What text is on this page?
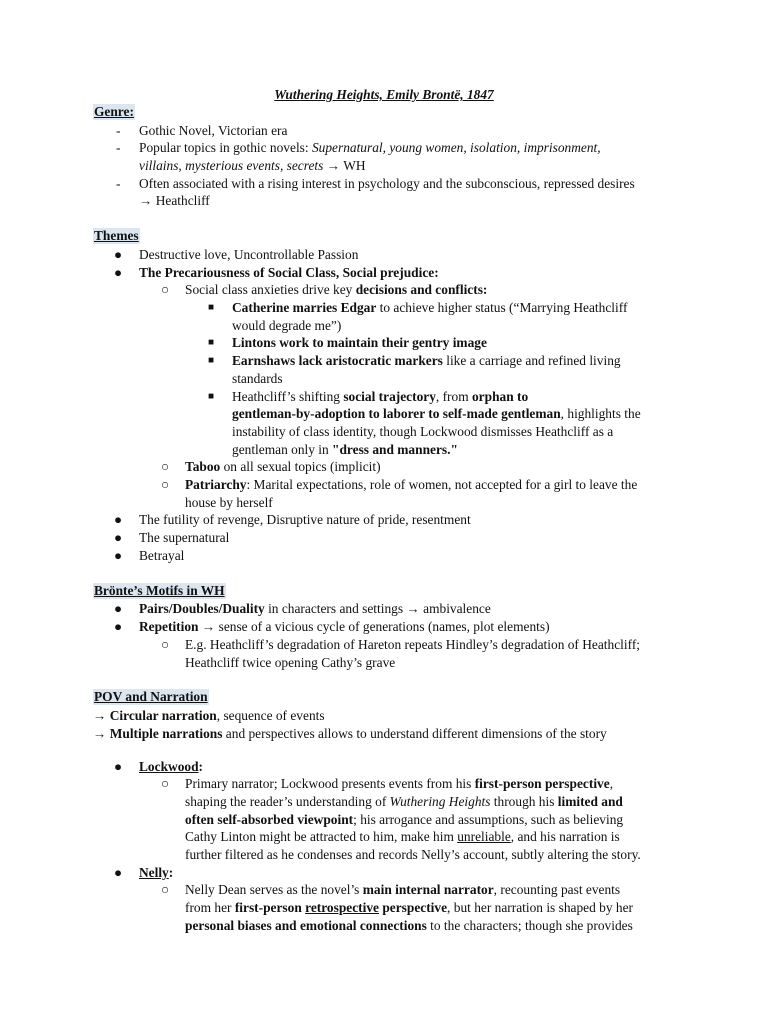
Wuthering Heights, Emily Brontë, 1847
Genre:
- Gothic Novel, Victorian era
- Popular topics in gothic novels: Supernatural, young women, isolation, imprisonment,
villains, mysterious events, secrets → WH
- Often associated with a rising interest in psychology and the subconscious, repressed desires
→ Heathcliff
Themes
● Destructive love, Uncontrollable Passion
● The Precariousness of Social Class, Social prejudice:
○ Social class anxieties drive key decisions and conflicts:
■ Catherine marries Edgar to achieve higher status (“Marrying Heathcliff
would degrade me”)
■ Lintons work to maintain their gentry image
■ Earnshaws lack aristocratic markers like a carriage and refined living
standards
■ Heathcliff’s shifting social trajectory, from orphan to
gentleman-by-adoption to laborer to self-made gentleman, highlights the
instability of class identity, though Lockwood dismisses Heathcliff as a
gentleman only in "dress and manners."
○ Taboo on all sexual topics (implicit)
○ Patriarchy: Marital expectations, role of women, not accepted for a girl to leave the
house by herself
● The futility of revenge, Disruptive nature of pride, resentment
● The supernatural
● Betrayal
Brönte’s Motifs in WH
● Pairs/Doubles/Duality in characters and settings → ambivalence
● Repetition → sense of a vicious cycle of generations (names, plot elements)
○ E.g. Heathcliff’s degradation of Hareton repeats Hindley’s degradation of Heathcliff;
Heathcliff twice opening Cathy’s grave
POV and Narration
→ Circular narration, sequence of events
→ Multiple narrations and perspectives allows to understand different dimensions of the story
● Lockwood:
○ Primary narrator; Lockwood presents events from his first-person perspective,
shaping the reader’s understanding of Wuthering Heights through his limited and
often self-absorbed viewpoint; his arrogance and assumptions, such as believing
Cathy Linton might be attracted to him, make him unreliable, and his narration is
further filtered as he condenses and records Nelly’s account, subtly altering the story.
● Nelly:
○ Nelly Dean serves as the novel’s main internal narrator, recounting past events
from her first-person retrospective perspective, but her narration is shaped by her
personal biases and emotional connections to the characters; though she provides
